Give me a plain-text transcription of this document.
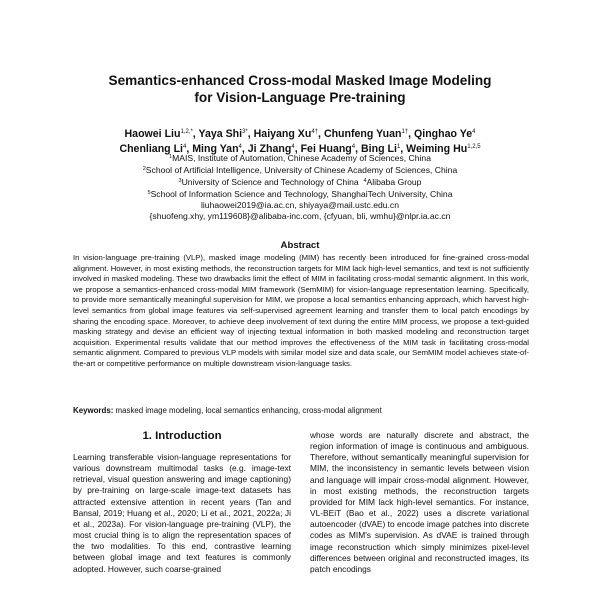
Semantics-enhanced Cross-modal Masked Image Modeling
for Vision-Language Pre-training
Haowei Liu$^{1,2,*}$, Yaya Shi$^{3*}$, Haiyang $Xu^{4\dagger}$, Chunfeng Yuan$^{1\dagger}$, Qinghao Ye$^4$
Chenliang Li$^4$, Ming Yan$^4$, Ji Zhang$^4$, Fei Huang$^4$, Bing Li$^1$, Weiming Hu$^{1,2,5}$
$^1$MAIS, Institute of Automation, Chinese Academy of Sciences, China
$^2$School of Artificial Intelligence, University of Chinese Academy of Sciences, China
$^3$University of Science and Technology of China $^4$Alibaba Group
$^5$School of Information Science and Technology, ShanghaiTech University, China
liuhaowei2019@ia.ac.cn, shiyaya@mail.ustc.edu.cn
{shuofeng.xhy, ym119608}@alibaba-inc.com, {cfyuan, bli, wmhu}@nlpr.ia.ac.cn
Abstract
In vision-language pre-training (VLP), masked image modeling (MIM) has recently been introduced for fine-grained cross-modal alignment. However, in most existing methods, the reconstruction targets for MIM lack high-level semantics, and text is not sufficiently involved in masked modeling. These two drawbacks limit the effect of MIM in facilitating cross-modal semantic alignment. In this work, we propose a semantics-enhanced cross-modal MIM framework (SemMIM) for vision-language representation learning. Specifically, to provide more semantically meaningful supervision for MIM, we propose a local semantics enhancing approach, which harvest high-level semantics from global image features via self-supervised agreement learning and transfer them to local patch encodings by sharing the encoding space. Moreover, to achieve deep involvement of text during the entire MIM process, we propose a text-guided masking strategy and devise an efficient way of injecting textual information in both masked modeling and reconstruction target acquisition. Experimental results validate that our method improves the effectiveness of the MIM task in facilitating cross-modal semantic alignment. Compared to previous VLP models with similar model size and data scale, our SemMIM model achieves state-of-the-art or competitive performance on multiple downstream vision-language tasks.
Keywords: masked image modeling, local semantics enhancing, cross-modal alignment
1. Introduction

Learning transferable vision-language representations for various downstream multimodal tasks (e.g. image-text retrieval, visual question answering and image captioning) by pre-training on large-scale image-text datasets has attracted extensive attention in recent years (Tan and Bansal, 2019; Huang et al., 2020; Li et al., 2021, 2022a; Ji et al., 2023a). For vision-language pre-training (VLP), the most crucial thing is to align the representation spaces of the two modalities. To this end, contrastive learning between global image and text features is commonly adopted. However, such coarse-grained

whose words are naturally discrete and abstract, the region information of image is continuous and ambiguous. Therefore, without semantically meaningful supervision for MIM, the inconsistency in semantic levels between vision and language will impair cross-modal alignment. However, in most existing methods, the reconstruction targets provided for MIM lack high-level semantics. For instance, VL-BEiT (Bao et al., 2022) uses a discrete variational autoencoder (dVAE) to encode image patches into discrete codes as MIM's supervision. As dVAE is trained through image reconstruction which simply minimizes pixel-level differences between original and reconstructed images, its patch encodings
